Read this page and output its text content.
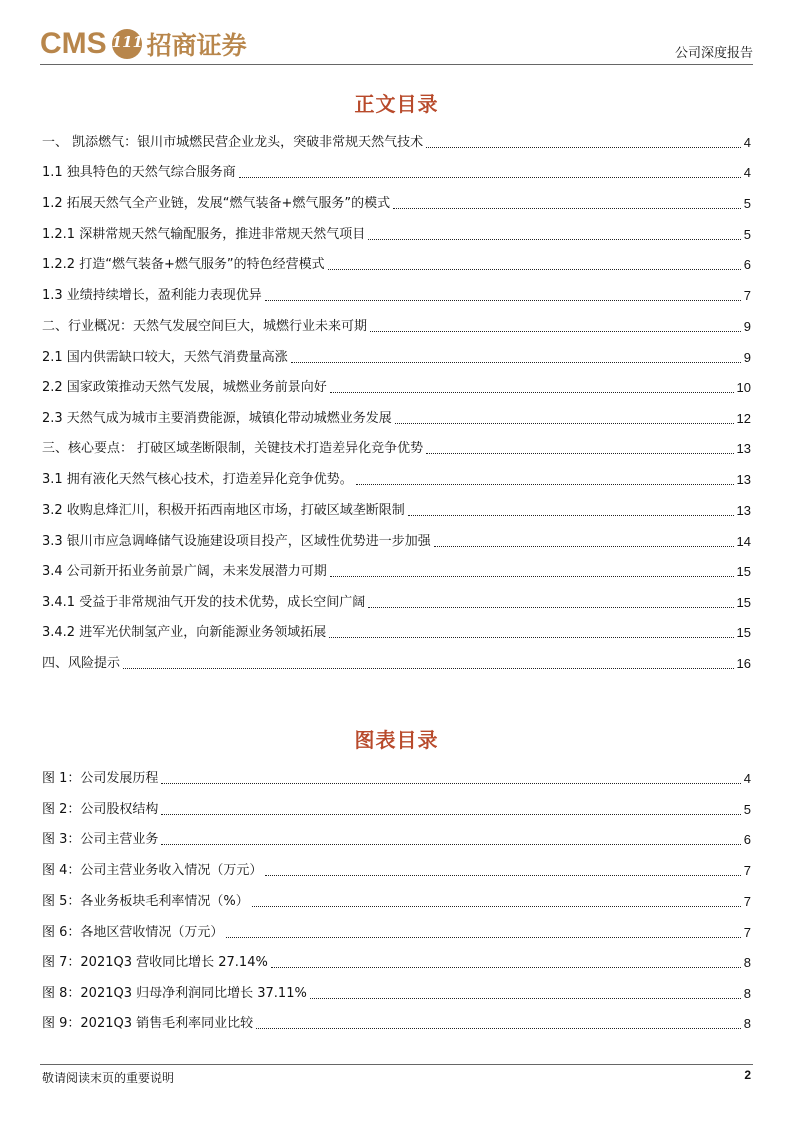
CMS 111 招商证券	公司深度报告
正文目录
一、 凯添燃气：银川市城燃民营企业龙头，突破非常规天然气技术	4
1.1 独具特色的天然气综合服务商	4
1.2 拓展天然气全产业链，发展“燃气装备+燃气服务”的模式	5
1.2.1 深耕常规天然气输配服务，推进非常规天然气项目	5
1.2.2 打造“燃气装备+燃气服务”的特色经营模式	6
1.3 业绩持续增长，盈利能力表现优异	7
二、行业概况：天然气发展空间巨大，城燃行业未来可期	9
2.1 国内供需缺口较大，天然气消费量高涨	9
2.2 国家政策推动天然气发展，城燃业务前景向好	10
2.3 天然气成为城市主要消费能源，城镇化带动城燃业务发展	12
三、核心要点： 打破区域垄断限制，关键技术打造差异化竞争优势	13
3.1 拥有液化天然气核心技术，打造差异化竞争优势。	13
3.2 收购息烽汇川，积极开拓西南地区市场，打破区域垄断限制	13
3.3 银川市应急调峰储气设施建设项目投产，区域性优势进一步加强	14
3.4 公司新开拓业务前景广阔，未来发展潜力可期	15
3.4.1 受益于非常规油气开发的技术优势，成长空间广阔	15
3.4.2 进军光伏制氢产业，向新能源业务领域拓展	15
四、风险提示	16
图表目录
图 1：公司发展历程	4
图 2：公司股权结构	5
图 3：公司主营业务	6
图 4：公司主营业务收入情况（万元）	7
图 5：各业务板块毛利率情况（%）	7
图 6：各地区营收情况（万元）	7
图 7：2021Q3 营收同比增长 27.14%	8
图 8：2021Q3 归母净利润同比增长 37.11%	8
图 9：2021Q3 销售毛利率同业比较	8
敬请阅读末页的重要说明	2
